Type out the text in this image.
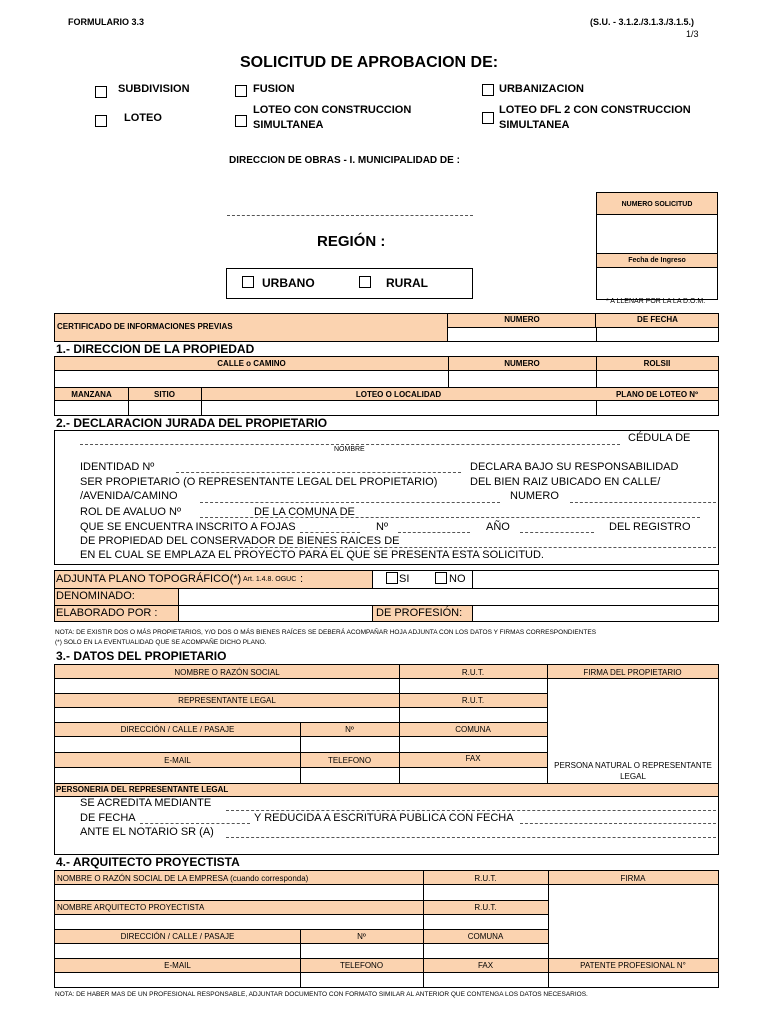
FORMULARIO 3.3	(S.U. - 3.1.2./3.1.3./3.1.5.)
1/3
SOLICITUD DE APROBACION DE:
SUBDIVISION	FUSION	URBANIZACION
LOTEO
LOTEO CON CONSTRUCCION
SIMULTANEA
LOTEO DFL 2 CON CONSTRUCCION
SIMULTANEA
DIRECCION DE OBRAS - I. MUNICIPALIDAD DE :
REGIÓN :
URBANO	RURAL
NUMERO SOLICITUD
Fecha de Ingreso
* A LLENAR POR LA LA D.O.M.
CERTIFICADO DE INFORMACIONES PREVIAS
NUMERO	DE FECHA
1.- DIRECCION DE LA PROPIEDAD
CALLE o CAMINO	NUMERO	ROLSII
MANZANA	SITIO	LOTEO O LOCALIDAD	PLANO DE LOTEO Nº
2.- DECLARACION JURADA DEL PROPIETARIO
CÉDULA DE
NOMBRE
IDENTIDAD Nº	DECLARA BAJO SU RESPONSABILIDAD
SER PROPIETARIO (O REPRESENTANTE LEGAL DEL PROPIETARIO)	DEL BIEN RAIZ UBICADO EN CALLE/
/AVENIDA/CAMINO	NUMERO
ROL DE AVALUO Nº	DE LA COMUNA DE
QUE SE ENCUENTRA INSCRITO A FOJAS	Nº	AÑO	DEL REGISTRO
DE PROPIEDAD DEL CONSERVADOR DE BIENES RAICES DE
EN EL CUAL SE EMPLAZA EL PROYECTO PARA EL QUE SE PRESENTA ESTA SOLICITUD.
ADJUNTA PLANO TOPOGRÁFICO(*) Art. 1.4.8. OGUC :	SI	NO
DENOMINADO:
ELABORADO POR :	DE PROFESIÓN:
NOTA: DE EXISTIR DOS O MÁS PROPIETARIOS, Y/O DOS O MÁS BIENES RAÍCES SE DEBERÁ ACOMPAÑAR HOJA ADJUNTA CON LOS DATOS Y FIRMAS CORRESPONDIENTES
(*) SOLO EN LA EVENTUALIDAD QUE SE ACOMPAÑE DICHO PLANO.
3.- DATOS DEL PROPIETARIO
NOMBRE O RAZÓN SOCIAL	R.U.T.	FIRMA DEL PROPIETARIO
REPRESENTANTE LEGAL	R.U.T.
DIRECCIÓN / CALLE / PASAJE	Nº	COMUNA
E-MAIL	TELEFONO	FAX
PERSONA NATURAL O REPRESENTANTE
LEGAL
PERSONERIA DEL REPRESENTANTE LEGAL
SE ACREDITA MEDIANTE
DE FECHA	Y REDUCIDA A ESCRITURA PUBLICA CON FECHA
ANTE EL NOTARIO SR (A)
4.- ARQUITECTO PROYECTISTA
NOMBRE O RAZÓN SOCIAL DE LA EMPRESA (cuando corresponda)	R.U.T.	FIRMA
NOMBRE ARQUITECTO PROYECTISTA	R.U.T.
DIRECCIÓN / CALLE / PASAJE	Nº	COMUNA
E-MAIL	TELEFONO	FAX	PATENTE PROFESIONAL N°
NOTA: DE HABER MAS DE UN PROFESIONAL RESPONSABLE, ADJUNTAR DOCUMENTO CON FORMATO SIMILAR AL ANTERIOR QUE CONTENGA LOS DATOS NECESARIOS.
